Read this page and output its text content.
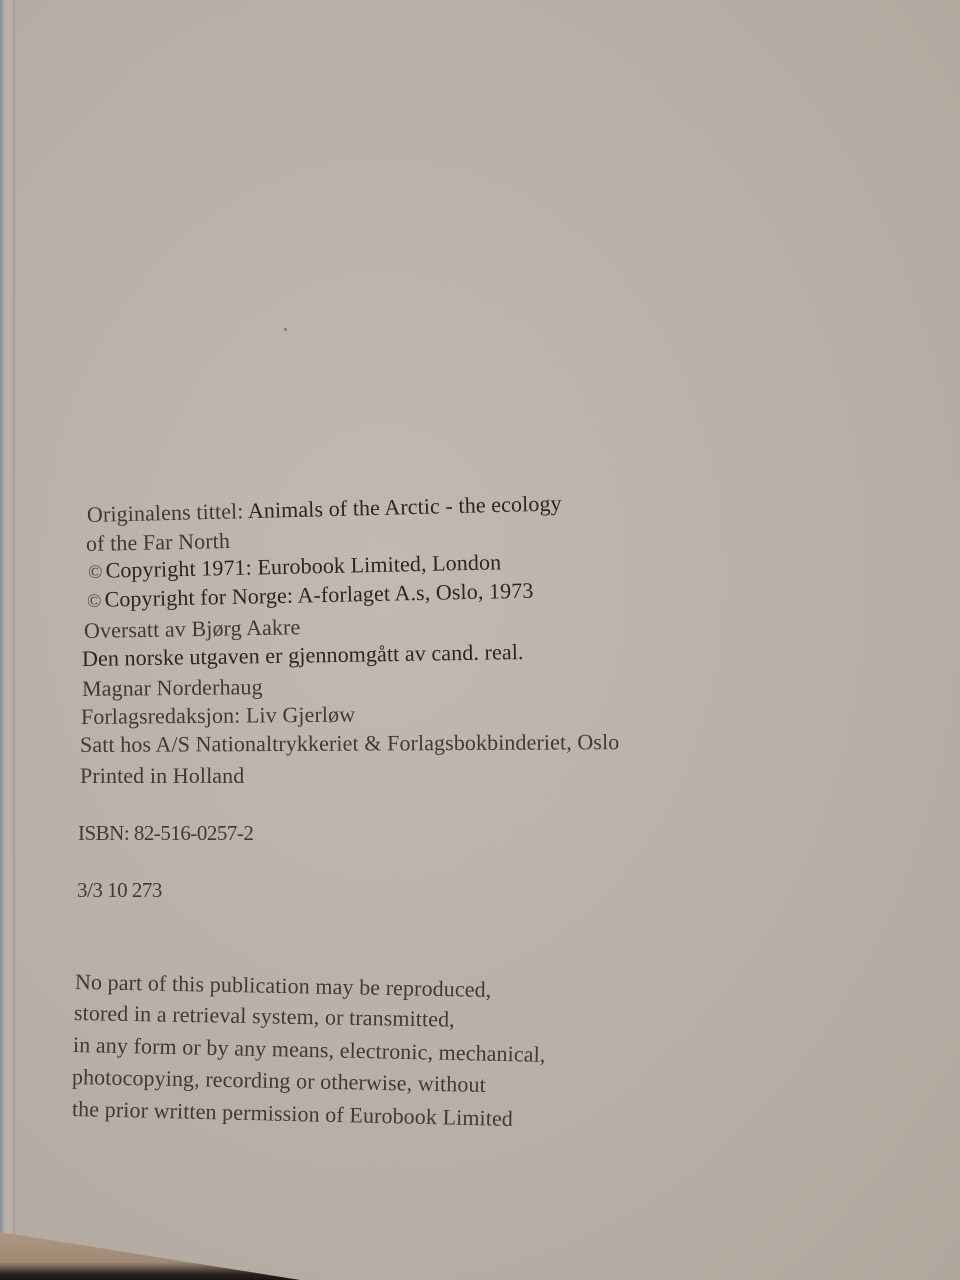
Originalens tittel: Animals of the Arctic - the ecology
of the Far North
© Copyright 1971: Eurobook Limited, London
© Copyright for Norge: A-forlaget A.s, Oslo, 1973
Oversatt av Bjørg Aakre
Den norske utgaven er gjennomgått av cand. real.
Magnar Norderhaug
Forlagsredaksjon: Liv Gjerløw
Satt hos A/S Nationaltrykkeriet & Forlagsbokbinderiet, Oslo
Printed in Holland
ISBN: 82-516-0257-2
3/3 10 273
No part of this publication may be reproduced,
stored in a retrieval system, or transmitted,
in any form or by any means, electronic, mechanical,
photocopying, recording or otherwise, without
the prior written permission of Eurobook Limited
